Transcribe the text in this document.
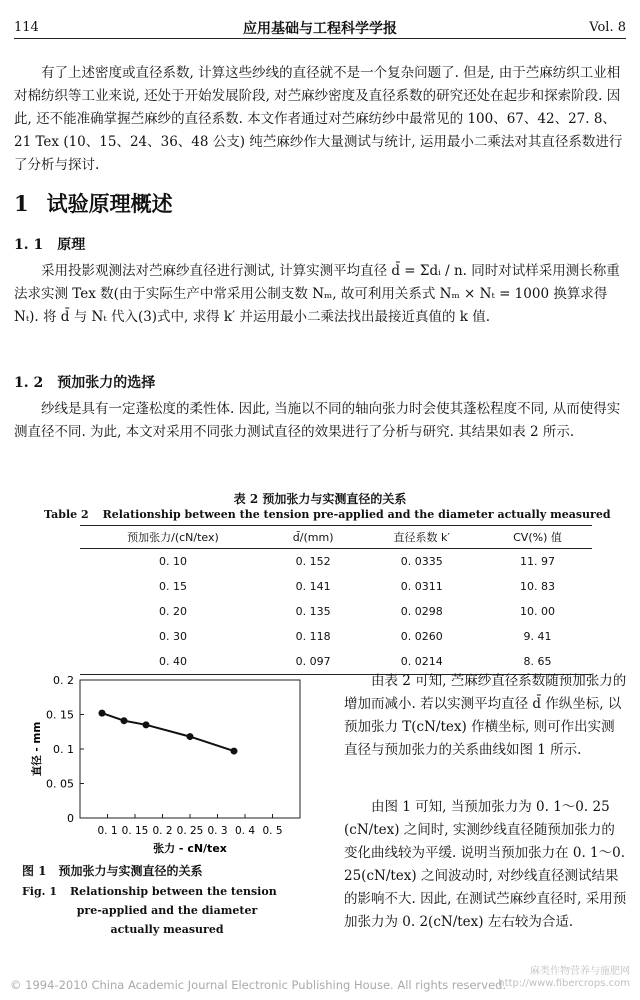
114	应用基础与工程科学学报	Vol. 8
有了上述密度或直径系数, 计算这些纱线的直径就不是一个复杂问题了. 但是, 由于苎麻纺织工业相对棉纺织等工业来说, 还处于开始发展阶段, 对苎麻纱密度及直径系数的研究还处在起步和探索阶段. 因此, 还不能准确掌握苎麻纱的直径系数. 本文作者通过对苎麻纺纱中最常见的 100、67、42、27. 8、21 Tex (10、15、24、36、48 公支) 纯苎麻纱作大量测试与统计, 运用最小二乘法对其直径系数进行了分析与探讨.
1 试验原理概述
1. 1 原理
采用投影观测法对苎麻纱直径进行测试, 计算实测平均直径 d̄ = Σdᵢ / n. 同时对试样采用测长称重法求实测 Tex 数(由于实际生产中常采用公制支数 Nₘ, 故可利用关系式 Nₘ × Nₜ = 1000 换算求得 Nₜ). 将 d̄ 与 Nₜ 代入(3)式中, 求得 k′ 并运用最小二乘法找出最接近真值的 k 值.
1. 2 预加张力的选择
纱线是具有一定蓬松度的柔性体. 因此, 当施以不同的轴向张力时会使其蓬松程度不同, 从而使得实测直径不同. 为此, 本文对采用不同张力测试直径的效果进行了分析与研究. 其结果如表 2 所示.
表 2 预加张力与实测直径的关系
Table 2 Relationship between the tension pre-applied and the diameter actually measured
预加张力/(cN/tex)	d̄/(mm)	直径系数 k′	CV(%) 值
0. 10	0. 152	0. 0335	11. 97
0. 15	0. 141	0. 0311	10. 83
0. 20	0. 135	0. 0298	10. 00
0. 30	0. 118	0. 0260	9. 41
0. 40	0. 097	0. 0214	8. 65
0. 2
0. 15
0. 1
0. 05
0
0. 1 0. 15 0. 2 0. 25 0. 3 0. 4 0. 5
张力 - cN/tex
直径 - mm
图 1 预加张力与实测直径的关系
Fig. 1 Relationship between the tension
pre-applied and the diameter
actually measured
由表 2 可知, 苎麻纱直径系数随预加张力的增加而减小. 若以实测平均直径 d̄ 作纵坐标, 以预加张力 T(cN/tex) 作横坐标, 则可作出实测直径与预加张力的关系曲线如图 1 所示.
由图 1 可知, 当预加张力为 0. 1～0. 25 (cN/tex) 之间时, 实测纱线直径随预加张力的变化曲线较为平缓. 说明当预加张力在 0. 1～0. 25(cN/tex) 之间波动时, 对纱线直径测试结果的影响不大. 因此, 在测试苎麻纱直径时, 采用预加张力为 0. 2(cN/tex) 左右较为合适.
© 1994-2010 China Academic Journal Electronic Publishing House. All rights reserved.
麻类作物营养与施肥网
http://www.fibercrops.com
